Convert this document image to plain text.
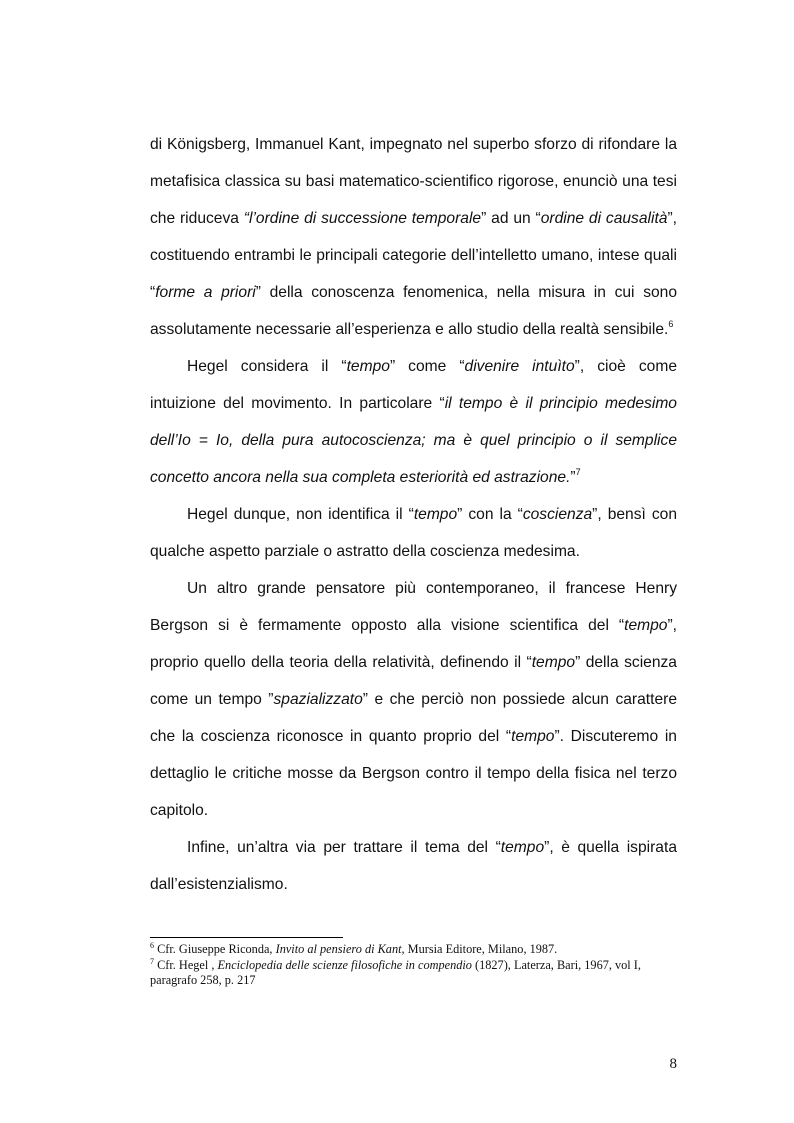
di Königsberg, Immanuel Kant, impegnato nel superbo sforzo di rifondare la metafisica classica su basi matematico-scientifico rigorose, enunciò una tesi che riduceva “l’ordine di successione temporale” ad un “ordine di causalità”, costituendo entrambi le principali categorie dell’intelletto umano, intese quali “forme a priori” della conoscenza fenomenica, nella misura in cui sono assolutamente necessarie all’esperienza e allo studio della realtà sensibile.$^6$

Hegel considera il “tempo” come “divenire intuìto”, cioè come intuizione del movimento. In particolare “il tempo è il principio medesimo dell’Io = Io, della pura autocoscienza; ma è quel principio o il semplice concetto ancora nella sua completa esteriorità ed astrazione.”$^7$

Hegel dunque, non identifica il “tempo” con la “coscienza”, bensì con qualche aspetto parziale o astratto della coscienza medesima.

Un altro grande pensatore più contemporaneo, il francese Henry Bergson si è fermamente opposto alla visione scientifica del “tempo”, proprio quello della teoria della relatività, definendo il “tempo” della scienza come un tempo ”spazializzato” e che perciò non possiede alcun carattere che la coscienza riconosce in quanto proprio del “tempo”. Discuteremo in dettaglio le critiche mosse da Bergson contro il tempo della fisica nel terzo capitolo.

Infine, un’altra via per trattare il tema del “tempo”, è quella ispirata dall’esistenzialismo.

$^6$ Cfr. Giuseppe Riconda, Invito al pensiero di Kant, Mursia Editore, Milano, 1987.

$^7$ Cfr. Hegel , Enciclopedia delle scienze filosofiche in compendio (1827), Laterza, Bari, 1967, vol I, paragrafo 258, p. 217

8
